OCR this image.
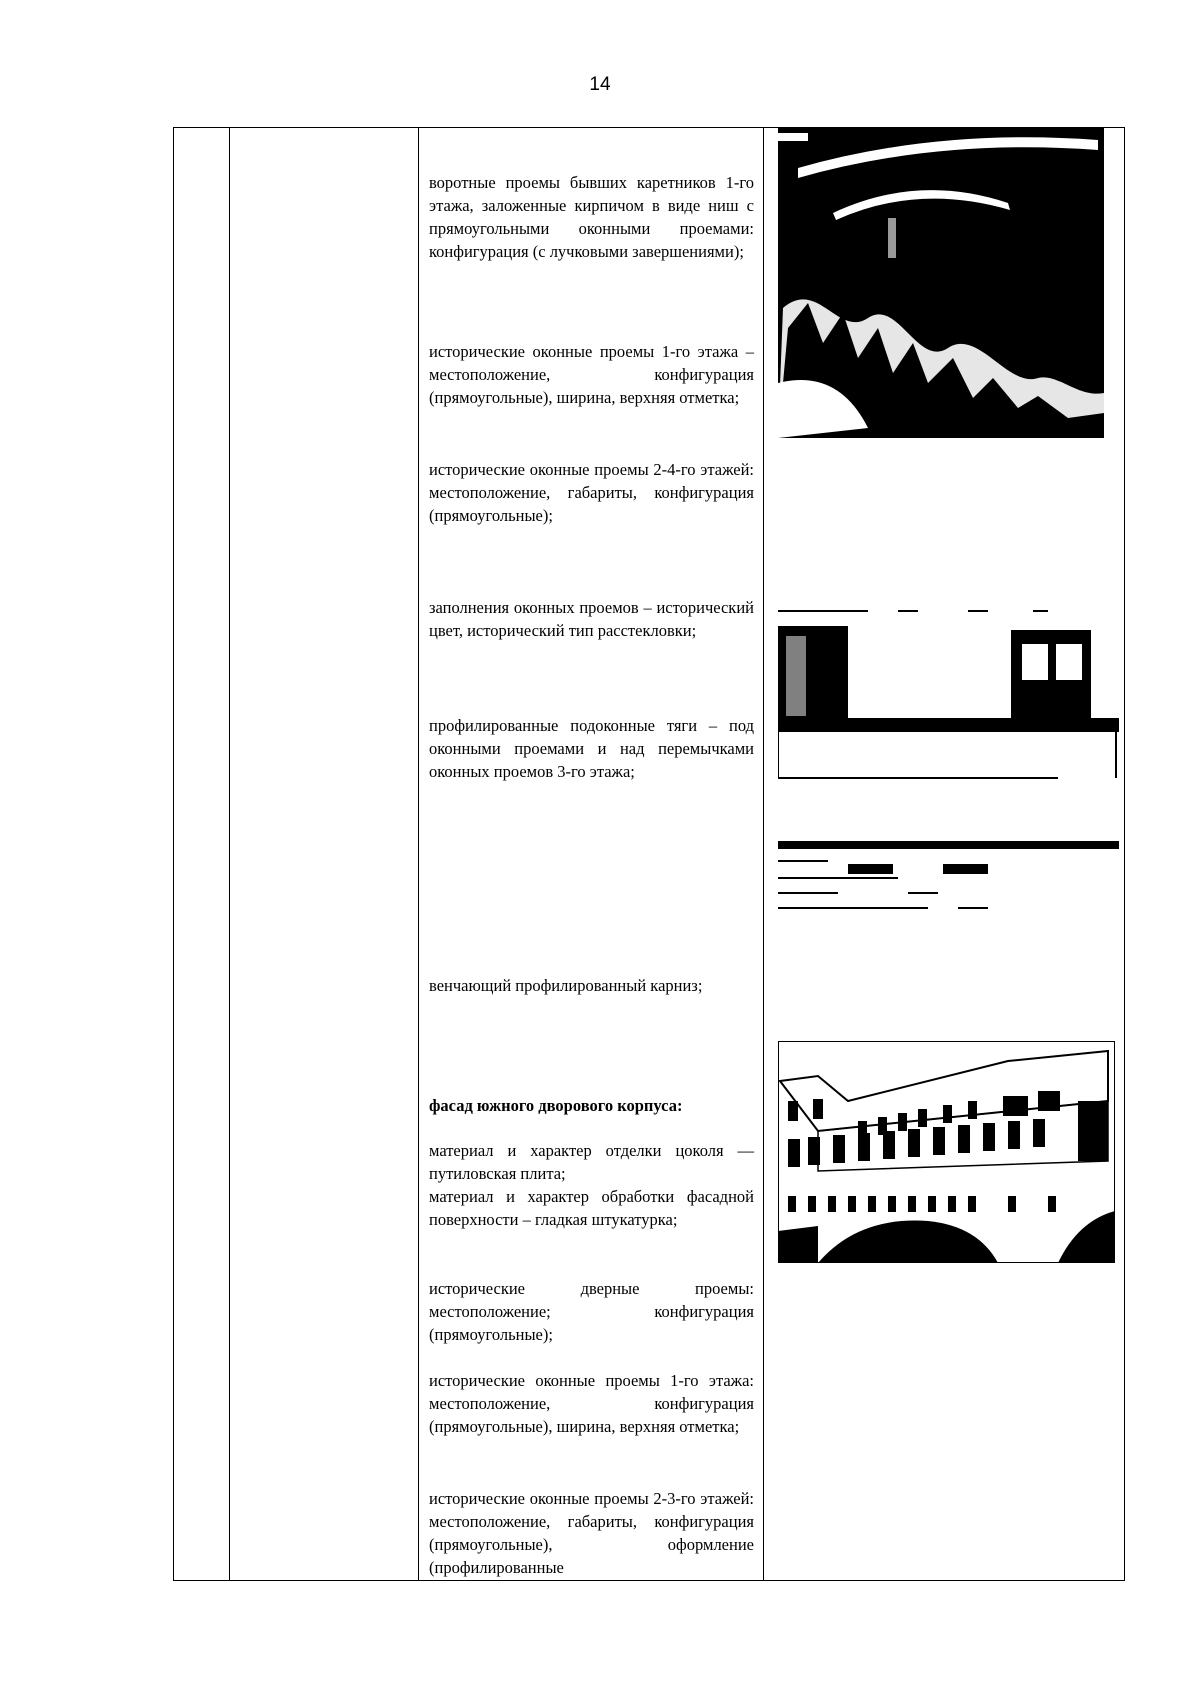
14
воротные проемы бывших каретников 1-го этажа, заложенные кирпичом в виде ниш с прямоугольными оконными проемами: конфигурация (с лучковыми завершениями);
исторические оконные проемы 1-го этажа – местоположение, конфигурация (прямоугольные), ширина, верхняя отметка;
исторические оконные проемы 2-4-го этажей: местоположение, габариты, конфигурация (прямоугольные);
заполнения оконных проемов – исторический цвет, исторический тип расстекловки;
профилированные подоконные тяги – под оконными проемами и над перемычками оконных проемов 3-го этажа;
венчающий профилированный карниз;
фасад южного дворового корпуса:
материал и характер отделки цоколя — путиловская плита;
материал и характер обработки фасадной поверхности – гладкая штукатурка;
исторические дверные проемы: местоположение; конфигурация (прямоугольные);
исторические оконные проемы 1-го этажа: местоположение, конфигурация (прямоугольные), ширина, верхняя отметка;
исторические оконные проемы 2-3-го этажей: местоположение, габариты, конфигурация (прямоугольные), оформление (профилированные
